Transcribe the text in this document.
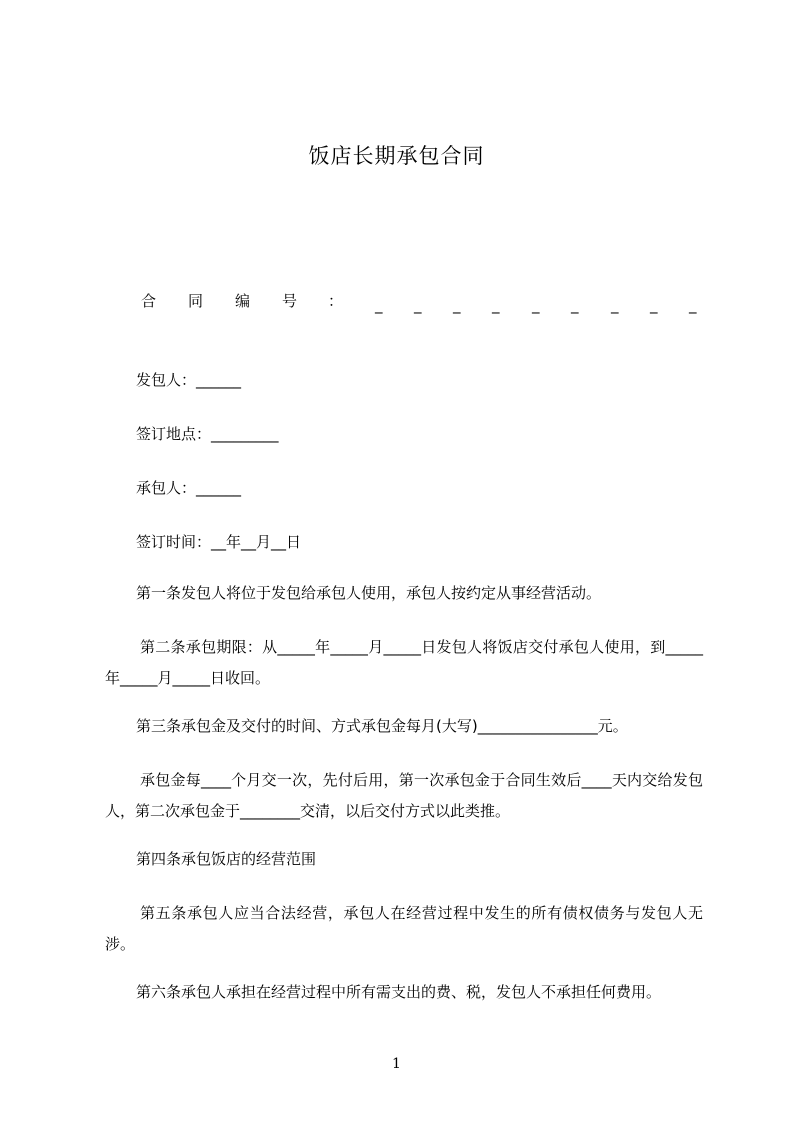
饭店长期承包合同
合 同 编 号 ： _ _ _ _ _ _ _ _ _
发包人：______
签订地点：_________
承包人：______
签订时间：__年__月__日

第一条发包人将位于发包给承包人使用，承包人按约定从事经营活动。

第二条承包期限：从_____年_____月_____日发包人将饭店交付承包人使用，到_____年_____月_____日收回。

第三条承包金及交付的时间、方式承包金每月(大写)________________元。

承包金每____个月交一次，先付后用，第一次承包金于合同生效后____天内交给发包人，第二次承包金于________交清，以后交付方式以此类推。

第四条承包饭店的经营范围

第五条承包人应当合法经营，承包人在经营过程中发生的所有债权债务与发包人无涉。

第六条承包人承担在经营过程中所有需支出的费、税，发包人不承担任何费用。

1
